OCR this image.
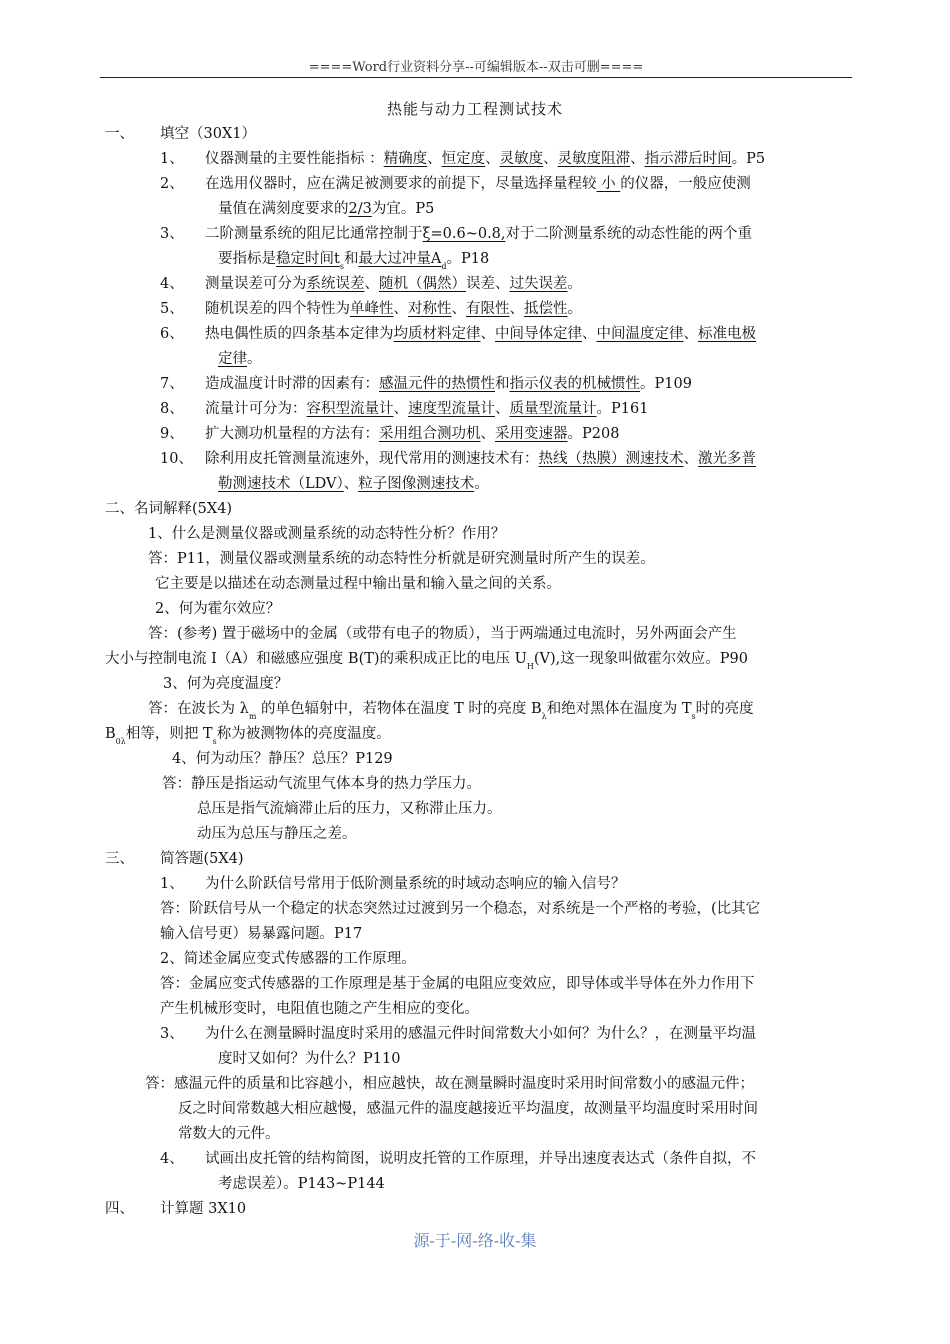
====Word行业资料分享--可编辑版本--双击可删====
热能与动力工程测试技术
一、 填空（30X1）
1、 仪器测量的主要性能指标 ：精确度、恒定度、灵敏度、灵敏度阻滞、指示滞后时间。P5
2、 在选用仪器时，应在满足被测要求的前提下，尽量选择量程较 小 的仪器，一般应使测
量值在满刻度要求的2/3为宜。P5
3、 二阶测量系统的阻尼比通常控制于ξ=0.6~0.8,对于二阶测量系统的动态性能的两个重
要指标是稳定时间$t_s$和最大过冲量$A_d$。P18
4、 测量误差可分为系统误差、随机（偶然）误差、过失误差。
5、 随机误差的四个特性为单峰性、对称性、有限性、抵偿性。
6、 热电偶性质的四条基本定律为均质材料定律、中间导体定律、中间温度定律、标准电极
定律。
7、 造成温度计时滞的因素有：感温元件的热惯性和指示仪表的机械惯性。P109
8、 流量计可分为：容积型流量计、速度型流量计、质量型流量计。P161
9、 扩大测功机量程的方法有：采用组合测功机、采用变速器。P208
10、 除利用皮托管测量流速外，现代常用的测速技术有：热线（热膜）测速技术、激光多普
勒测速技术（LDV）、粒子图像测速技术。
二、名词解释(5X4)
1、什么是测量仪器或测量系统的动态特性分析？作用？
答：P11，测量仪器或测量系统的动态特性分析就是研究测量时所产生的误差。
它主要是以描述在动态测量过程中输出量和输入量之间的关系。
2、何为霍尔效应？
答：(参考) 置于磁场中的金属（或带有电子的物质），当于两端通过电流时，另外两面会产生
大小与控制电流 I（A）和磁感应强度 B(T)的乘积成正比的电压 $U_H(V)$,这一现象叫做霍尔效应。P90
3、何为亮度温度？
答：在波长为 $\lambda_m$ 的单色辐射中，若物体在温度 T 时的亮度 $B_\lambda$和绝对黑体在温度为 $T_s$时的亮度
$B_{0\lambda}$相等，则把 $T_s$称为被测物体的亮度温度。
4、何为动压？静压？总压？P129
答：静压是指运动气流里气体本身的热力学压力。
总压是指气流熵滞止后的压力，又称滞止压力。
动压为总压与静压之差。
三、 简答题(5X4)
1、 为什么阶跃信号常用于低阶测量系统的时域动态响应的输入信号？
答：阶跃信号从一个稳定的状态突然过过渡到另一个稳态，对系统是一个严格的考验，(比其它
输入信号更）易暴露问题。P17
2、简述金属应变式传感器的工作原理。
答：金属应变式传感器的工作原理是基于金属的电阻应变效应，即导体或半导体在外力作用下
产生机械形变时，电阻值也随之产生相应的变化。
3、 为什么在测量瞬时温度时采用的感温元件时间常数大小如何？为什么？，在测量平均温
度时又如何？为什么？P110
答：感温元件的质量和比容越小，相应越快，故在测量瞬时温度时采用时间常数小的感温元件；
反之时间常数越大相应越慢，感温元件的温度越接近平均温度，故测量平均温度时采用时间
常数大的元件。
4、 试画出皮托管的结构简图，说明皮托管的工作原理，并导出速度表达式（条件自拟，不
考虑误差）。P143~P144
四、 计算题 3X10
源-于-网-络-收-集
